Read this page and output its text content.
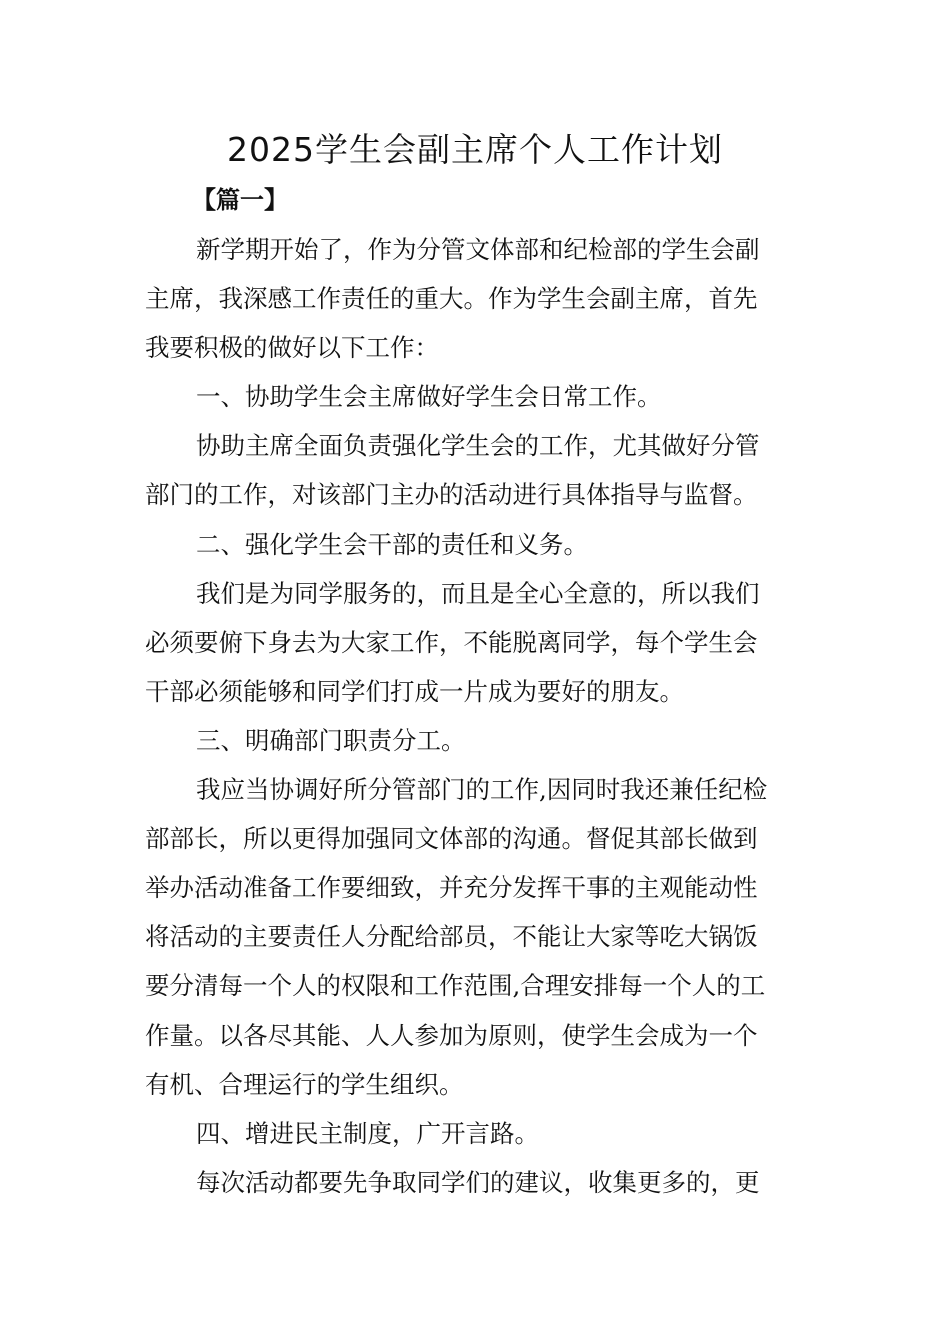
2025学生会副主席个人工作计划
【篇一】
新学期开始了，作为分管文体部和纪检部的学生会副
主席，我深感工作责任的重大。作为学生会副主席，首先
我要积极的做好以下工作：
一、协助学生会主席做好学生会日常工作。
协助主席全面负责强化学生会的工作，尤其做好分管
部门的工作，对该部门主办的活动进行具体指导与监督。
二、强化学生会干部的责任和义务。
我们是为同学服务的，而且是全心全意的，所以我们
必须要俯下身去为大家工作，不能脱离同学，每个学生会
干部必须能够和同学们打成一片成为要好的朋友。
三、明确部门职责分工。
我应当协调好所分管部门的工作,因同时我还兼任纪检
部部长，所以更得加强同文体部的沟通。督促其部长做到
举办活动准备工作要细致，并充分发挥干事的主观能动性
将活动的主要责任人分配给部员，不能让大家等吃大锅饭
要分清每一个人的权限和工作范围,合理安排每一个人的工
作量。以各尽其能、人人参加为原则，使学生会成为一个
有机、合理运行的学生组织。
四、增进民主制度，广开言路。
每次活动都要先争取同学们的建议，收集更多的，更
